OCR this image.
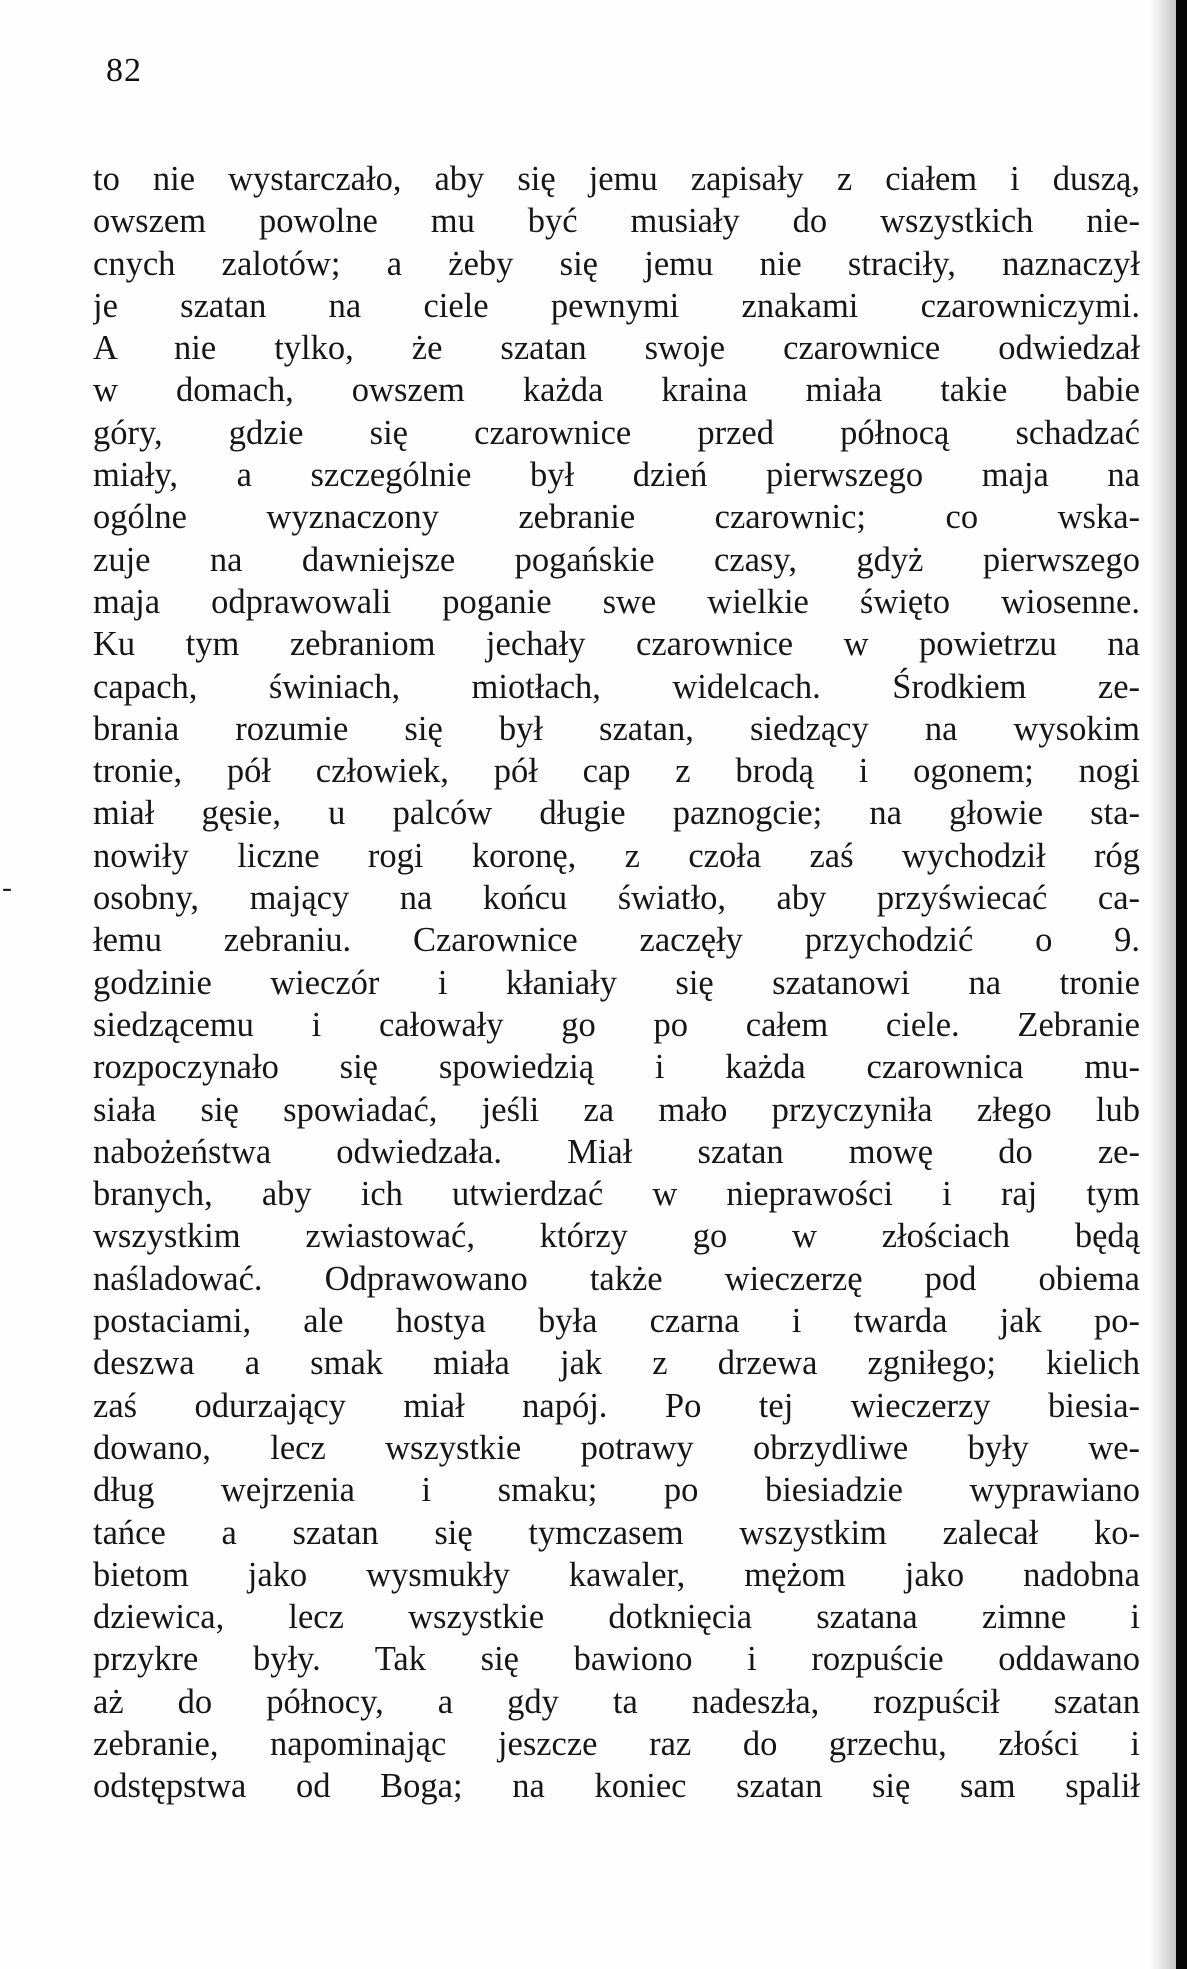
82
-
to nie wystarczało, aby się jemu zapisały z ciałem i duszą,
owszem powolne mu być musiały do wszystkich nie-
cnych zalotów; a żeby się jemu nie straciły, naznaczył
je szatan na ciele pewnymi znakami czarowniczymi.
A nie tylko, że szatan swoje czarownice odwiedzał
w domach, owszem każda kraina miała takie babie
góry, gdzie się czarownice przed północą schadzać
miały, a szczególnie był dzień pierwszego maja na
ogólne wyznaczony zebranie czarownic; co wska-
zuje na dawniejsze pogańskie czasy, gdyż pierwszego
maja odprawowali poganie swe wielkie święto wiosenne.
Ku tym zebraniom jechały czarownice w powietrzu na
capach, świniach, miotłach, widelcach. Środkiem ze-
brania rozumie się był szatan, siedzący na wysokim
tronie, pół człowiek, pół cap z brodą i ogonem; nogi
miał gęsie, u palców długie paznogcie; na głowie sta-
nowiły liczne rogi koronę, z czoła zaś wychodził róg
osobny, mający na końcu światło, aby przyświecać ca-
łemu zebraniu. Czarownice zaczęły przychodzić o 9.
godzinie wieczór i kłaniały się szatanowi na tronie
siedzącemu i całowały go po całem ciele. Zebranie
rozpoczynało się spowiedzią i każda czarownica mu-
siała się spowiadać, jeśli za mało przyczyniła złego lub
nabożeństwa odwiedzała. Miał szatan mowę do ze-
branych, aby ich utwierdzać w nieprawości i raj tym
wszystkim zwiastować, którzy go w złościach będą
naśladować. Odprawowano także wieczerzę pod obiema
postaciami, ale hostya była czarna i twarda jak po-
deszwa a smak miała jak z drzewa zgniłego; kielich
zaś odurzający miał napój. Po tej wieczerzy biesia-
dowano, lecz wszystkie potrawy obrzydliwe były we-
dług wejrzenia i smaku; po biesiadzie wyprawiano
tańce a szatan się tymczasem wszystkim zalecał ko-
bietom jako wysmukły kawaler, mężom jako nadobna
dziewica, lecz wszystkie dotknięcia szatana zimne i
przykre były. Tak się bawiono i rozpuście oddawano
aż do północy, a gdy ta nadeszła, rozpuścił szatan
zebranie, napominając jeszcze raz do grzechu, złości i
odstępstwa od Boga; na koniec szatan się sam spalił
